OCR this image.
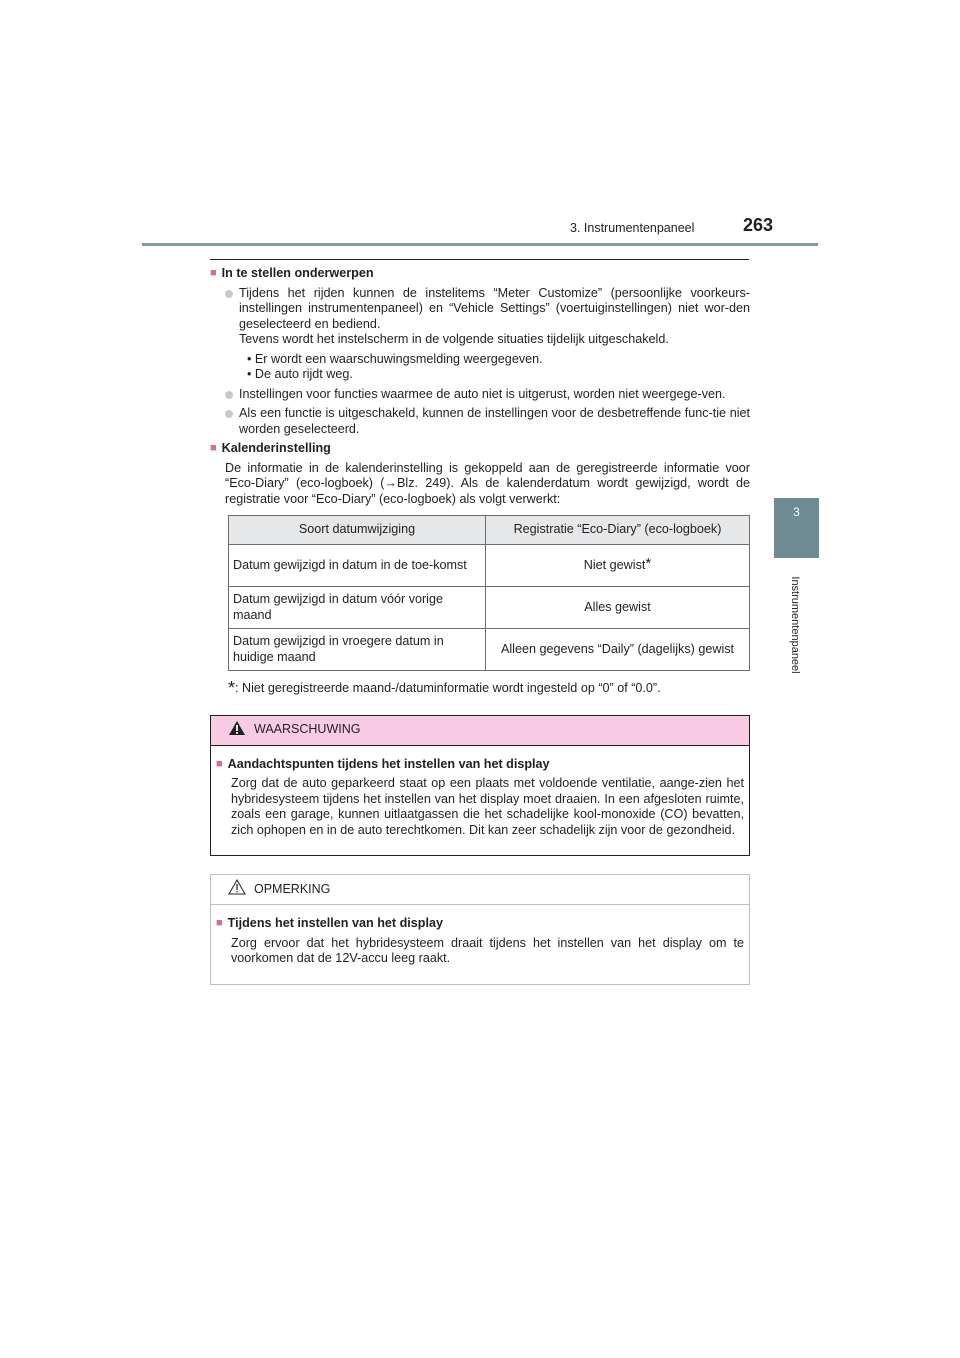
3. Instrumentenpaneel	263
3
Instrumentenpaneel
■ In te stellen onderwerpen
Tijdens het rijden kunnen de instelitems “Meter Customize” (persoonlijke voorkeurs-instellingen instrumentenpaneel) en “Vehicle Settings” (voertuiginstellingen) niet wor-den geselecteerd en bediend.
Tevens wordt het instelscherm in de volgende situaties tijdelijk uitgeschakeld.
• Er wordt een waarschuwingsmelding weergegeven.
• De auto rijdt weg.
Instellingen voor functies waarmee de auto niet is uitgerust, worden niet weergege-ven.
Als een functie is uitgeschakeld, kunnen de instellingen voor de desbetreffende func-tie niet worden geselecteerd.
■ Kalenderinstelling
De informatie in de kalenderinstelling is gekoppeld aan de geregistreerde informatie voor “Eco-Diary” (eco-logboek) (→Blz. 249). Als de kalenderdatum wordt gewijzigd, wordt de registratie voor “Eco-Diary” (eco-logboek) als volgt verwerkt:
Soort datumwijziging	Registratie “Eco-Diary” (eco-logboek)
Datum gewijzigd in datum in de toe-komst	Niet gewist*
Datum gewijzigd in datum vóór vorige maand	Alles gewist
Datum gewijzigd in vroegere datum in huidige maand	Alleen gegevens “Daily” (dagelijks) gewist
*: Niet geregistreerde maand-/datuminformatie wordt ingesteld op “0” of “0.0”.
WAARSCHUWING
■ Aandachtspunten tijdens het instellen van het display
Zorg dat de auto geparkeerd staat op een plaats met voldoende ventilatie, aange-zien het hybridesysteem tijdens het instellen van het display moet draaien. In een afgesloten ruimte, zoals een garage, kunnen uitlaatgassen die het schadelijke kool-monoxide (CO) bevatten, zich ophopen en in de auto terechtkomen. Dit kan zeer schadelijk zijn voor de gezondheid.
OPMERKING
■ Tijdens het instellen van het display
Zorg ervoor dat het hybridesysteem draait tijdens het instellen van het display om te voorkomen dat de 12V-accu leeg raakt.
